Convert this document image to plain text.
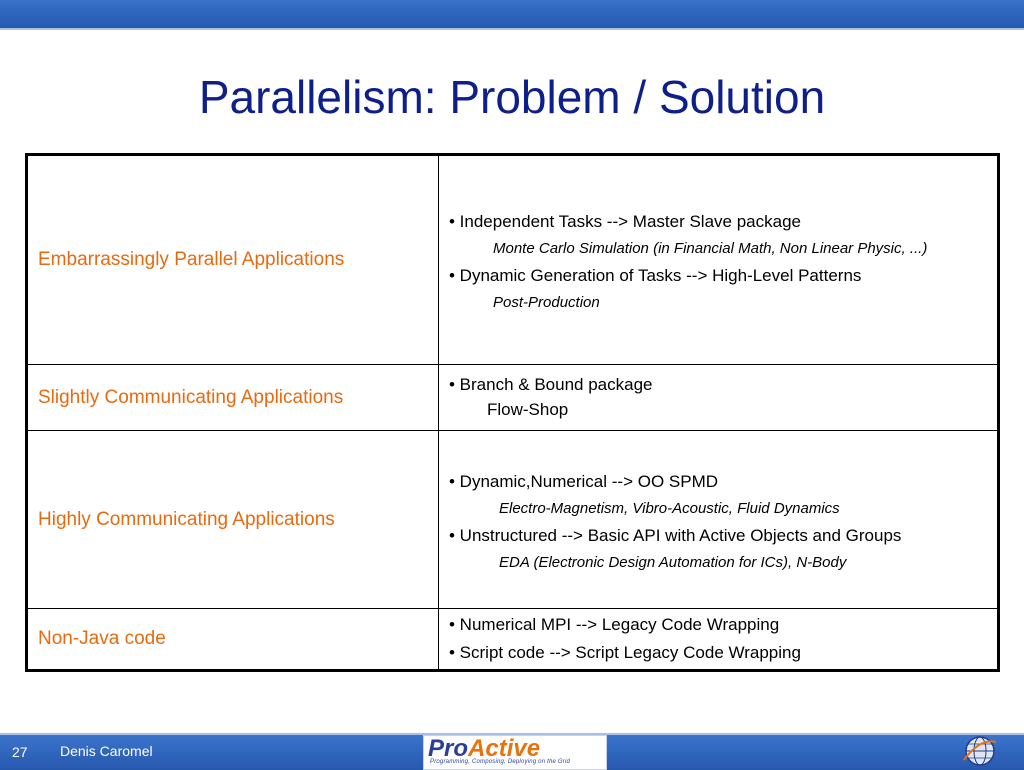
Parallelism: Problem / Solution
Embarrassingly Parallel Applications	• Independent Tasks --> Master Slave package
Monte Carlo Simulation (in Financial Math, Non Linear Physic, ...)
• Dynamic Generation of Tasks --> High-Level Patterns
Post-Production

Slightly Communicating Applications	• Branch & Bound package
Flow-Shop

Highly Communicating Applications	• Dynamic,Numerical --> OO SPMD
Electro-Magnetism, Vibro-Acoustic, Fluid Dynamics
• Unstructured --> Basic API with Active Objects and Groups
EDA (Electronic Design Automation for ICs), N-Body

Non-Java code	• Numerical MPI --> Legacy Code Wrapping
• Script code --> Script Legacy Code Wrapping
27 Denis Caromel	ProActive
Programming, Composing, Deploying on the Grid
